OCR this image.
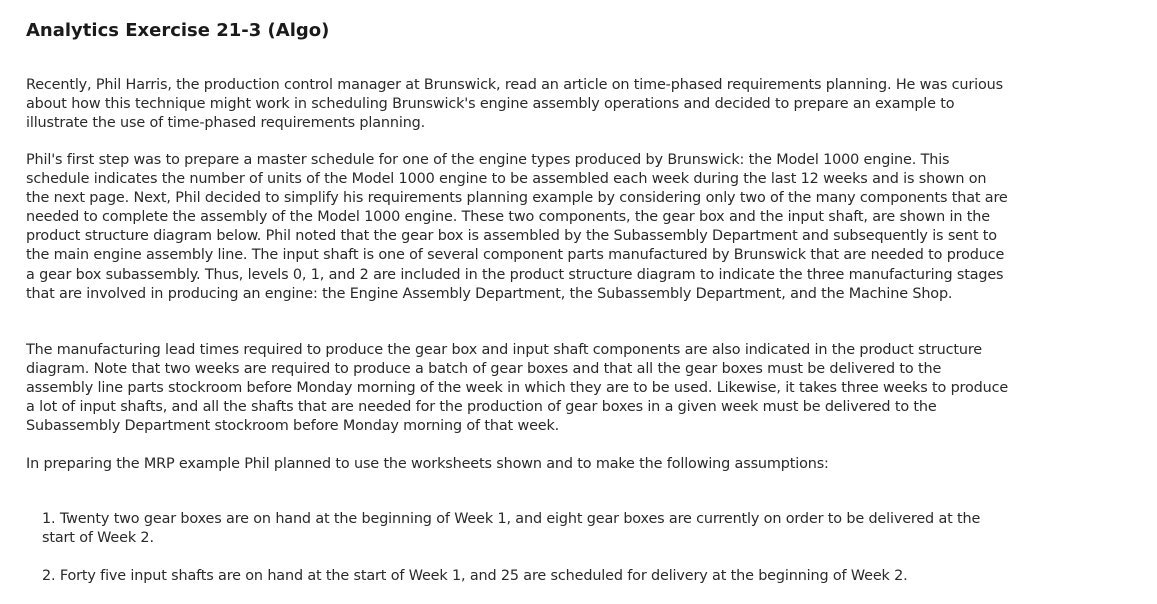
Analytics Exercise 21-3 (Algo)

Recently, Phil Harris, the production control manager at Brunswick, read an article on time-phased requirements planning. He was curious about how this technique might work in scheduling Brunswick's engine assembly operations and decided to prepare an example to illustrate the use of time-phased requirements planning.

Phil's first step was to prepare a master schedule for one of the engine types produced by Brunswick: the Model 1000 engine. This schedule indicates the number of units of the Model 1000 engine to be assembled each week during the last 12 weeks and is shown on the next page. Next, Phil decided to simplify his requirements planning example by considering only two of the many components that are needed to complete the assembly of the Model 1000 engine. These two components, the gear box and the input shaft, are shown in the product structure diagram below. Phil noted that the gear box is assembled by the Subassembly Department and subsequently is sent to the main engine assembly line. The input shaft is one of several component parts manufactured by Brunswick that are needed to produce a gear box subassembly. Thus, levels 0, 1, and 2 are included in the product structure diagram to indicate the three manufacturing stages that are involved in producing an engine: the Engine Assembly Department, the Subassembly Department, and the Machine Shop.

The manufacturing lead times required to produce the gear box and input shaft components are also indicated in the product structure diagram. Note that two weeks are required to produce a batch of gear boxes and that all the gear boxes must be delivered to the assembly line parts stockroom before Monday morning of the week in which they are to be used. Likewise, it takes three weeks to produce a lot of input shafts, and all the shafts that are needed for the production of gear boxes in a given week must be delivered to the Subassembly Department stockroom before Monday morning of that week.

In preparing the MRP example Phil planned to use the worksheets shown and to make the following assumptions:

1. Twenty two gear boxes are on hand at the beginning of Week 1, and eight gear boxes are currently on order to be delivered at the start of Week 2.
2. Forty five input shafts are on hand at the start of Week 1, and 25 are scheduled for delivery at the beginning of Week 2.
